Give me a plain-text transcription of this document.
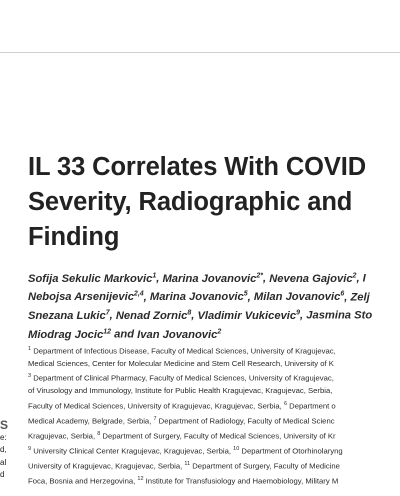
IL 33 Correlates With COVID
Severity, Radiographic and
Finding
Sofija Sekulic Markovic$^1$, Marina Jovanovic$^{2*}$, Nevena Gajovic$^2$, I
Nebojsa Arsenijevic$^{2,4}$, Marina Jovanovic$^5$, Milan Jovanovic$^6$, Zelj
Snezana Lukic$^7$, Nenad Zornic$^8$, Vladimir Vukicevic$^9$, Jasmina Sto
Miodrag Jocic$^{12}$ and Ivan Jovanovic$^2$
$^1$ Department of Infectious Disease, Faculty of Medical Sciences, University of Kragujevac,
Medical Sciences, Center for Molecular Medicine and Stem Cell Research, University of K
$^3$ Department of Clinical Pharmacy, Faculty of Medical Sciences, University of Kragujevac,
of Virusology and Immunology, Institute for Public Health Kragujevac, Kragujevac, Serbia,
Faculty of Medical Sciences, University of Kragujevac, Kragujevac, Serbia, $^6$ Department o
Medical Academy, Belgrade, Serbia, $^7$ Department of Radiology, Faculty of Medical Scienc
Kragujevac, Serbia, $^8$ Department of Surgery, Faculty of Medical Sciences, University of Kr
$^9$ University Clinical Center Kragujevac, Kragujevac, Serbia, $^{10}$ Department of Otorhinolaryng
University of Kragujevac, Kragujevac, Serbia, $^{11}$ Department of Surgery, Faculty of Medicine
Foca, Bosnia and Herzegovina, $^{12}$ Institute for Transfusiology and Haemobiology, Military M
S
e:
d,
al
d
